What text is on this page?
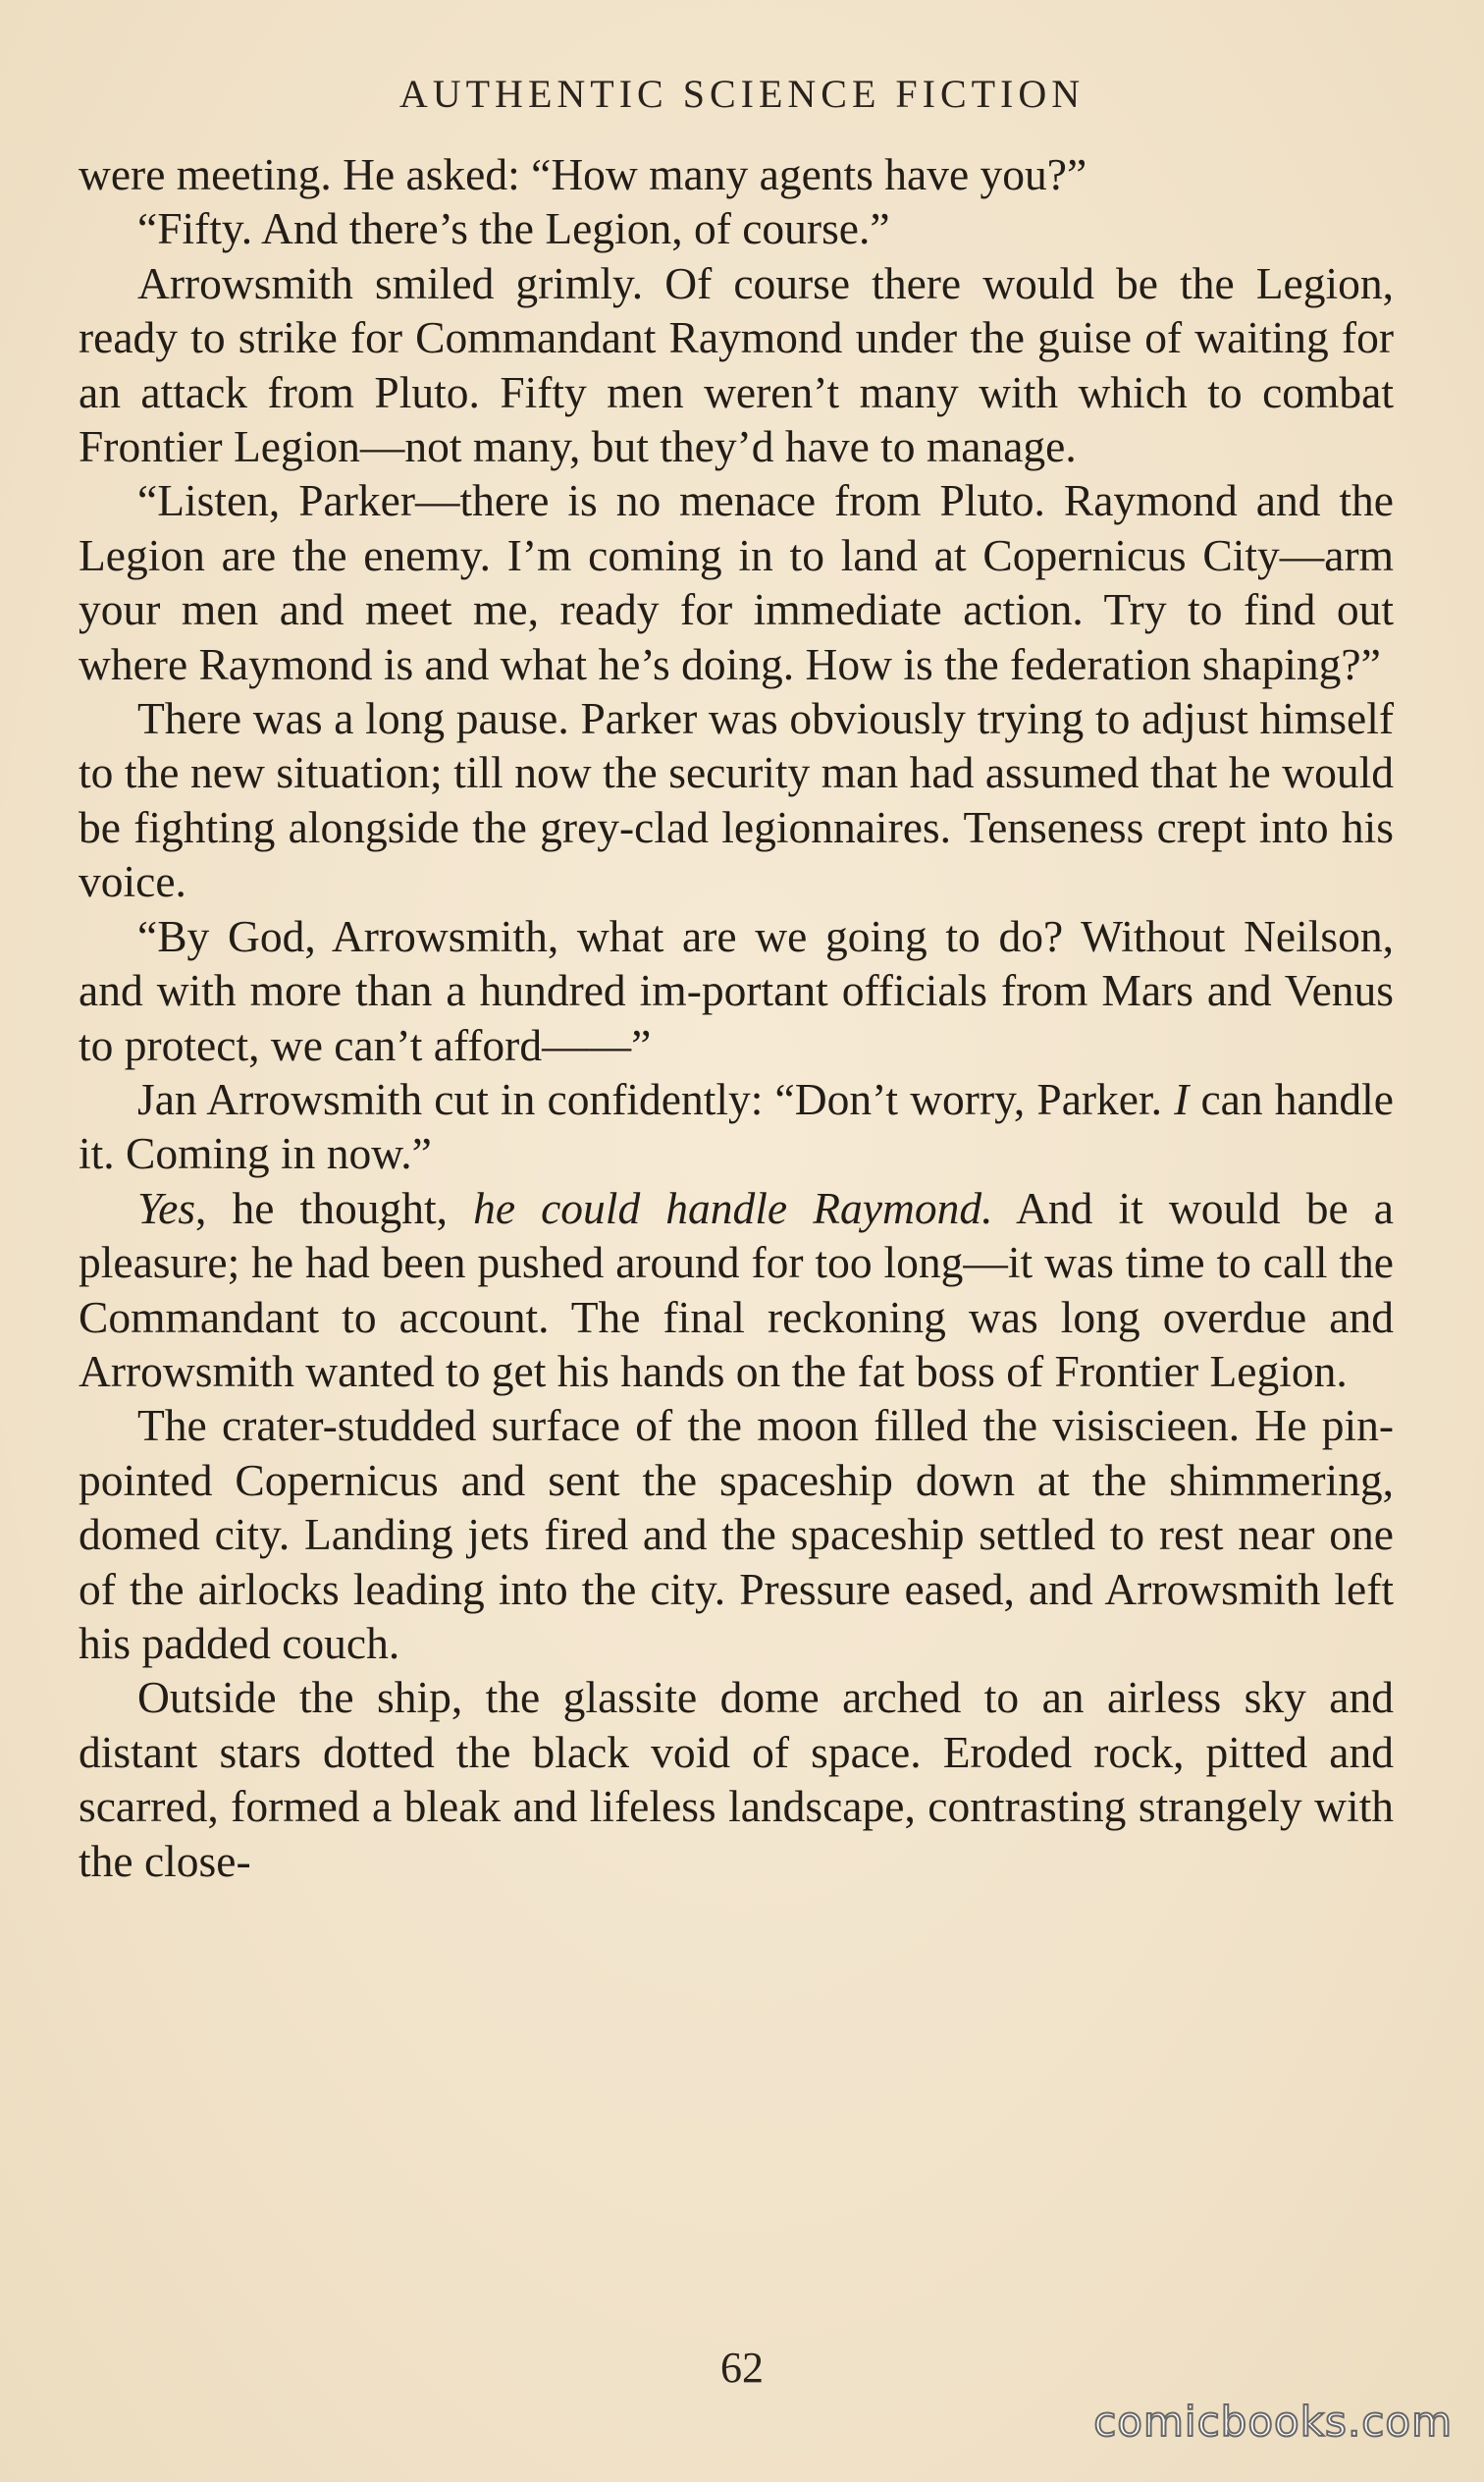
AUTHENTIC SCIENCE FICTION

were meeting. He asked: “How many agents have you?”

“Fifty. And there’s the Legion, of course.”

Arrowsmith smiled grimly. Of course there would be the Legion, ready to strike for Commandant Raymond under the guise of waiting for an attack from Pluto. Fifty men weren’t many with which to combat Frontier Legion—not many, but they’d have to manage.

“Listen, Parker—there is no menace from Pluto. Raymond and the Legion are the enemy. I’m coming in to land at Copernicus City—arm your men and meet me, ready for immediate action. Try to find out where Raymond is and what he’s doing. How is the federation shaping?”

There was a long pause. Parker was obviously trying to adjust himself to the new situation; till now the security man had assumed that he would be fighting alongside the grey-clad legionnaires. Tenseness crept into his voice.

“By God, Arrowsmith, what are we going to do? Without Neilson, and with more than a hundred im-portant officials from Mars and Venus to protect, we can’t afford——”

Jan Arrowsmith cut in confidently: “Don’t worry, Parker. I can handle it. Coming in now.”

Yes, he thought, he could handle Raymond. And it would be a pleasure; he had been pushed around for too long—it was time to call the Commandant to account. The final reckoning was long overdue and Arrowsmith wanted to get his hands on the fat boss of Frontier Legion.

The crater-studded surface of the moon filled the visiscieen. He pin-pointed Copernicus and sent the spaceship down at the shimmering, domed city. Landing jets fired and the spaceship settled to rest near one of the airlocks leading into the city. Pressure eased, and Arrowsmith left his padded couch.

Outside the ship, the glassite dome arched to an airless sky and distant stars dotted the black void of space. Eroded rock, pitted and scarred, formed a bleak and lifeless landscape, contrasting strangely with the close-

62
comicbooks.com
